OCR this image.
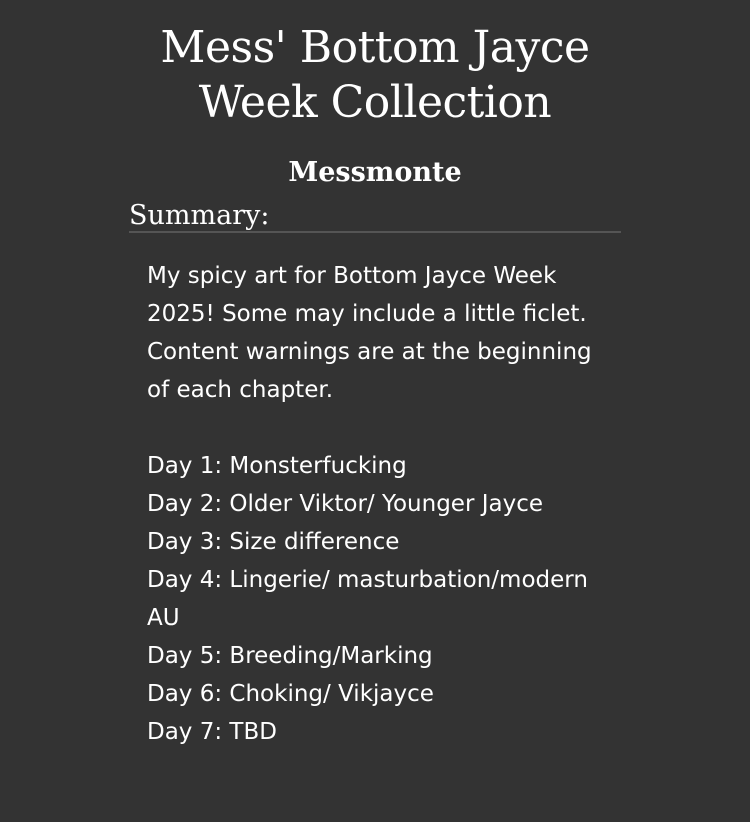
Mess' Bottom Jayce Week Collection
Messmonte
Summary:

My spicy art for Bottom Jayce Week 2025! Some may include a little ficlet. Content warnings are at the beginning of each chapter.

Day 1: Monsterfucking
Day 2: Older Viktor/ Younger Jayce
Day 3: Size difference
Day 4: Lingerie/ masturbation/modern AU
Day 5: Breeding/Marking
Day 6: Choking/ Vikjayce
Day 7: TBD
